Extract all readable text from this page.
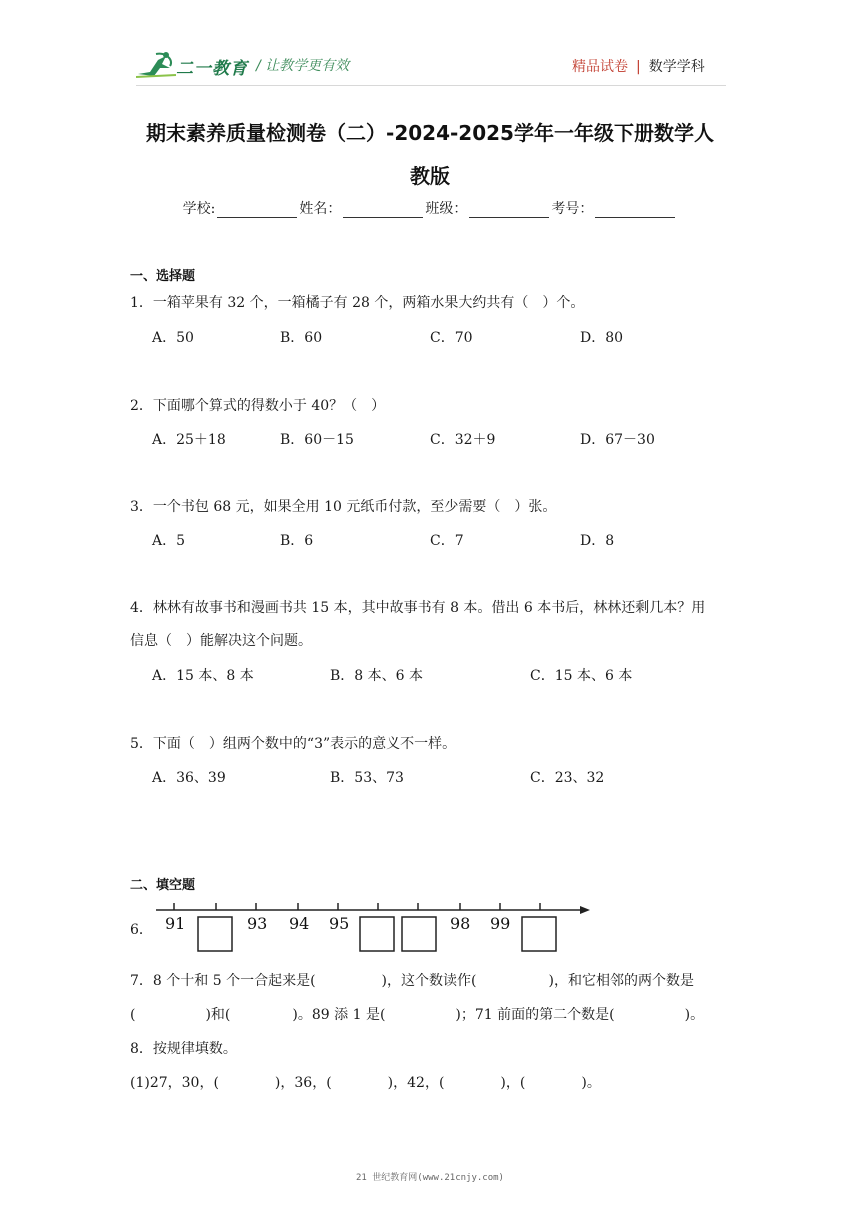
二一教育 / 让教学更有效	精品试卷 | 数学学科
期末素养质量检测卷（二）-2024-2025学年一年级下册数学人
教版
学校:	姓名：	班级：	考号：
一、选择题
1．一箱苹果有 32 个，一箱橘子有 28 个，两箱水果大约共有（　）个。
A．50	B．60	C．70	D．80
2．下面哪个算式的得数小于 40？（　）
A．25＋18	B．60－15	C．32＋9	D．67－30
3．一个书包 68 元，如果全用 10 元纸币付款，至少需要（　）张。
A．5	B．6	C．7	D．8
4．林林有故事书和漫画书共 15 本，其中故事书有 8 本。借出 6 本书后，林林还剩几本？用
信息（　）能解决这个问题。
A．15 本、8 本	B．8 本、6 本	C．15 本、6 本
5．下面（　）组两个数中的“3”表示的意义不一样。
A．36、39	B．53、73	C．23、32
二、填空题
6． 91	93 94 95	98 99
7．8 个十和 5 个一合起来是(	)，这个数读作(	)，和它相邻的两个数是
(	)和(	)。89 添 1 是(	)；71 前面的第二个数是(	)。
8．按规律填数。
(1)27，30，(	)，36，(	)，42，(	)，(	)。
21 世纪教育网(www.21cnjy.com)
